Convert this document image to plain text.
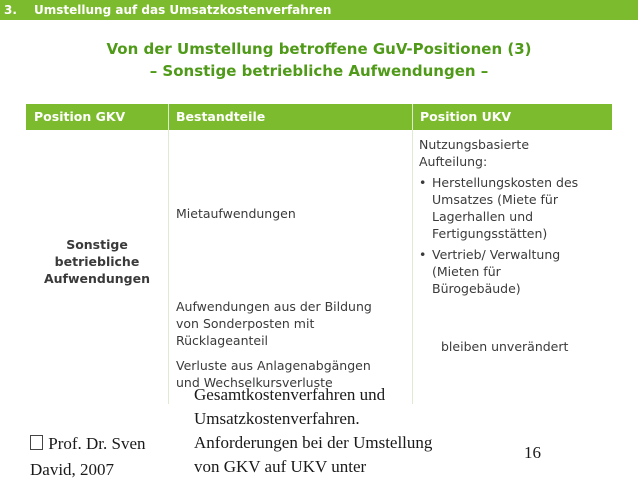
3. Umstellung auf das Umsatzkostenverfahren
Von der Umstellung betroffene GuV-Positionen (3)
– Sonstige betriebliche Aufwendungen –
Position GKV	Bestandteile	Position UKV
Sonstige
betriebliche
Aufwendungen
Mietaufwendungen
Nutzungsbasierte
Aufteilung:
• Herstellungskosten des
Umsatzes (Miete für
Lagerhallen und
Fertigungsstätten)
• Vertrieb/ Verwaltung
(Mieten für
Bürogebäude)
Aufwendungen aus der Bildung
von Sonderposten mit
Rücklageanteil
Verluste aus Anlagenabgängen
und Wechselkursverluste
bleiben unverändert
Prof. Dr. Sven
David, 2007
Gesamtkostenverfahren und
Umsatzkostenverfahren.
Anforderungen bei der Umstellung
von GKV auf UKV unter
16
